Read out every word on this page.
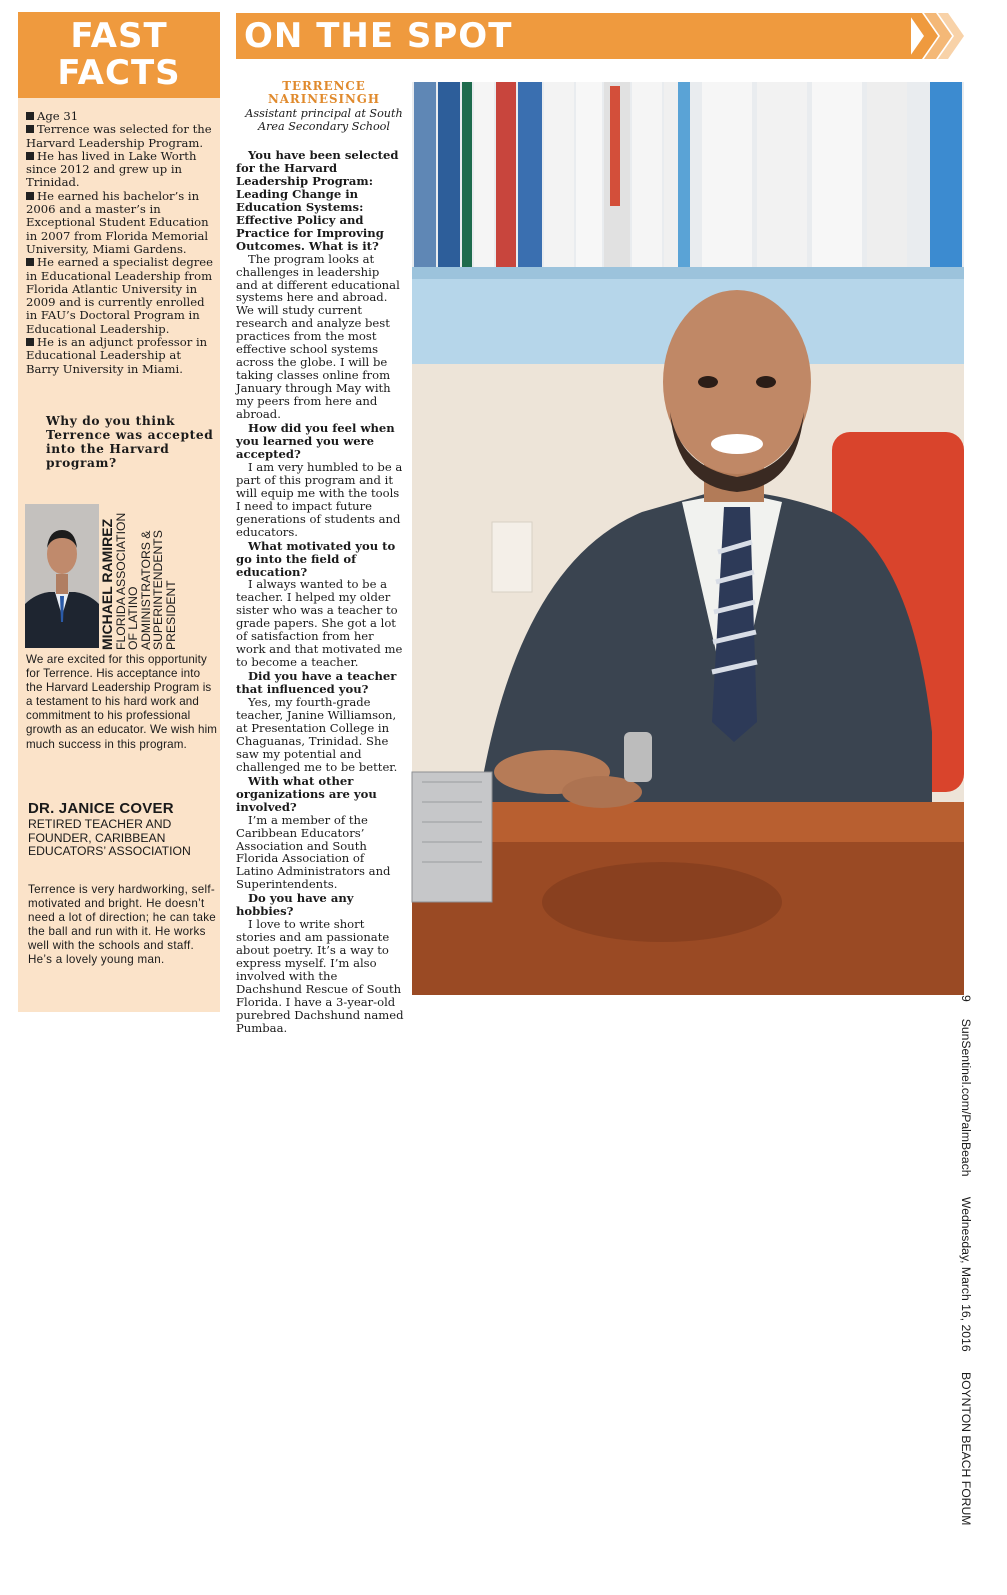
FAST
FACTS
Age 31
Terrence was selected for the Harvard Leadership Program.
He has lived in Lake Worth since 2012 and grew up in Trinidad.
He earned his bachelor’s in 2006 and a master’s in Exceptional Student Education in 2007 from Florida Memorial University, Miami Gardens.
He earned a specialist degree in Educational Leadership from Florida Atlantic University in 2009 and is currently enrolled in FAU’s Doctoral Program in Educational Leadership.
He is an adjunct professor in Educational Leadership at Barry University in Miami.
Why do you think Terrence was accepted into the Harvard program?
MICHAEL RAMIREZ FLORIDA ASSOCIATION OF LATINO ADMINISTRATORS & SUPERINTENDENTS PRESIDENT
We are excited for this opportunity for Terrence. His acceptance into the Harvard Leadership Program is a testament to his hard work and commitment to his professional growth as an educator. We wish him much success in this program.
DR. JANICE COVER
RETIRED TEACHER AND FOUNDER, CARIBBEAN EDUCATORS’ ASSOCIATION
Terrence is very hardworking, self-motivated and bright. He doesn’t need a lot of direction; he can take the ball and run with it. He works well with the schools and staff. He’s a lovely young man.
ON THE SPOT
TERRENCE
NARINESINGH
Assistant principal at South Area Secondary School
You have been selected for the Harvard Leadership Program: Leading Change in Education Systems: Effective Policy and Practice for Improving Outcomes. What is it?
The program looks at challenges in leadership and at different educational systems here and abroad. We will study current research and analyze best practices from the most effective school systems across the globe. I will be taking classes online from January through May with my peers from here and abroad.
How did you feel when you learned you were accepted?
I am very humbled to be a part of this program and it will equip me with the tools I need to impact future generations of students and educators.
What motivated you to go into the field of education?
I always wanted to be a teacher. I helped my older sister who was a teacher to grade papers. She got a lot of satisfaction from her work and that motivated me to become a teacher.
Did you have a teacher that influenced you?
Yes, my fourth-grade teacher, Janine Williamson, at Presentation College in Chaguanas, Trinidad. She saw my potential and challenged me to be better.
With what other organizations are you involved?
I’m a member of the Caribbean Educators’ Association and South Florida Association of Latino Administrators and Superintendents.
Do you have any hobbies?
I love to write short stories and am passionate about poetry. It’s a way to express myself. I’m also involved with the Dachshund Rescue of South Florida. I have a 3-year-old purebred Dachshund named Pumbaa.
9     SunSentinel.com/PalmBeach      Wednesday, March 16, 2016      BOYNTON BEACH FORUM
